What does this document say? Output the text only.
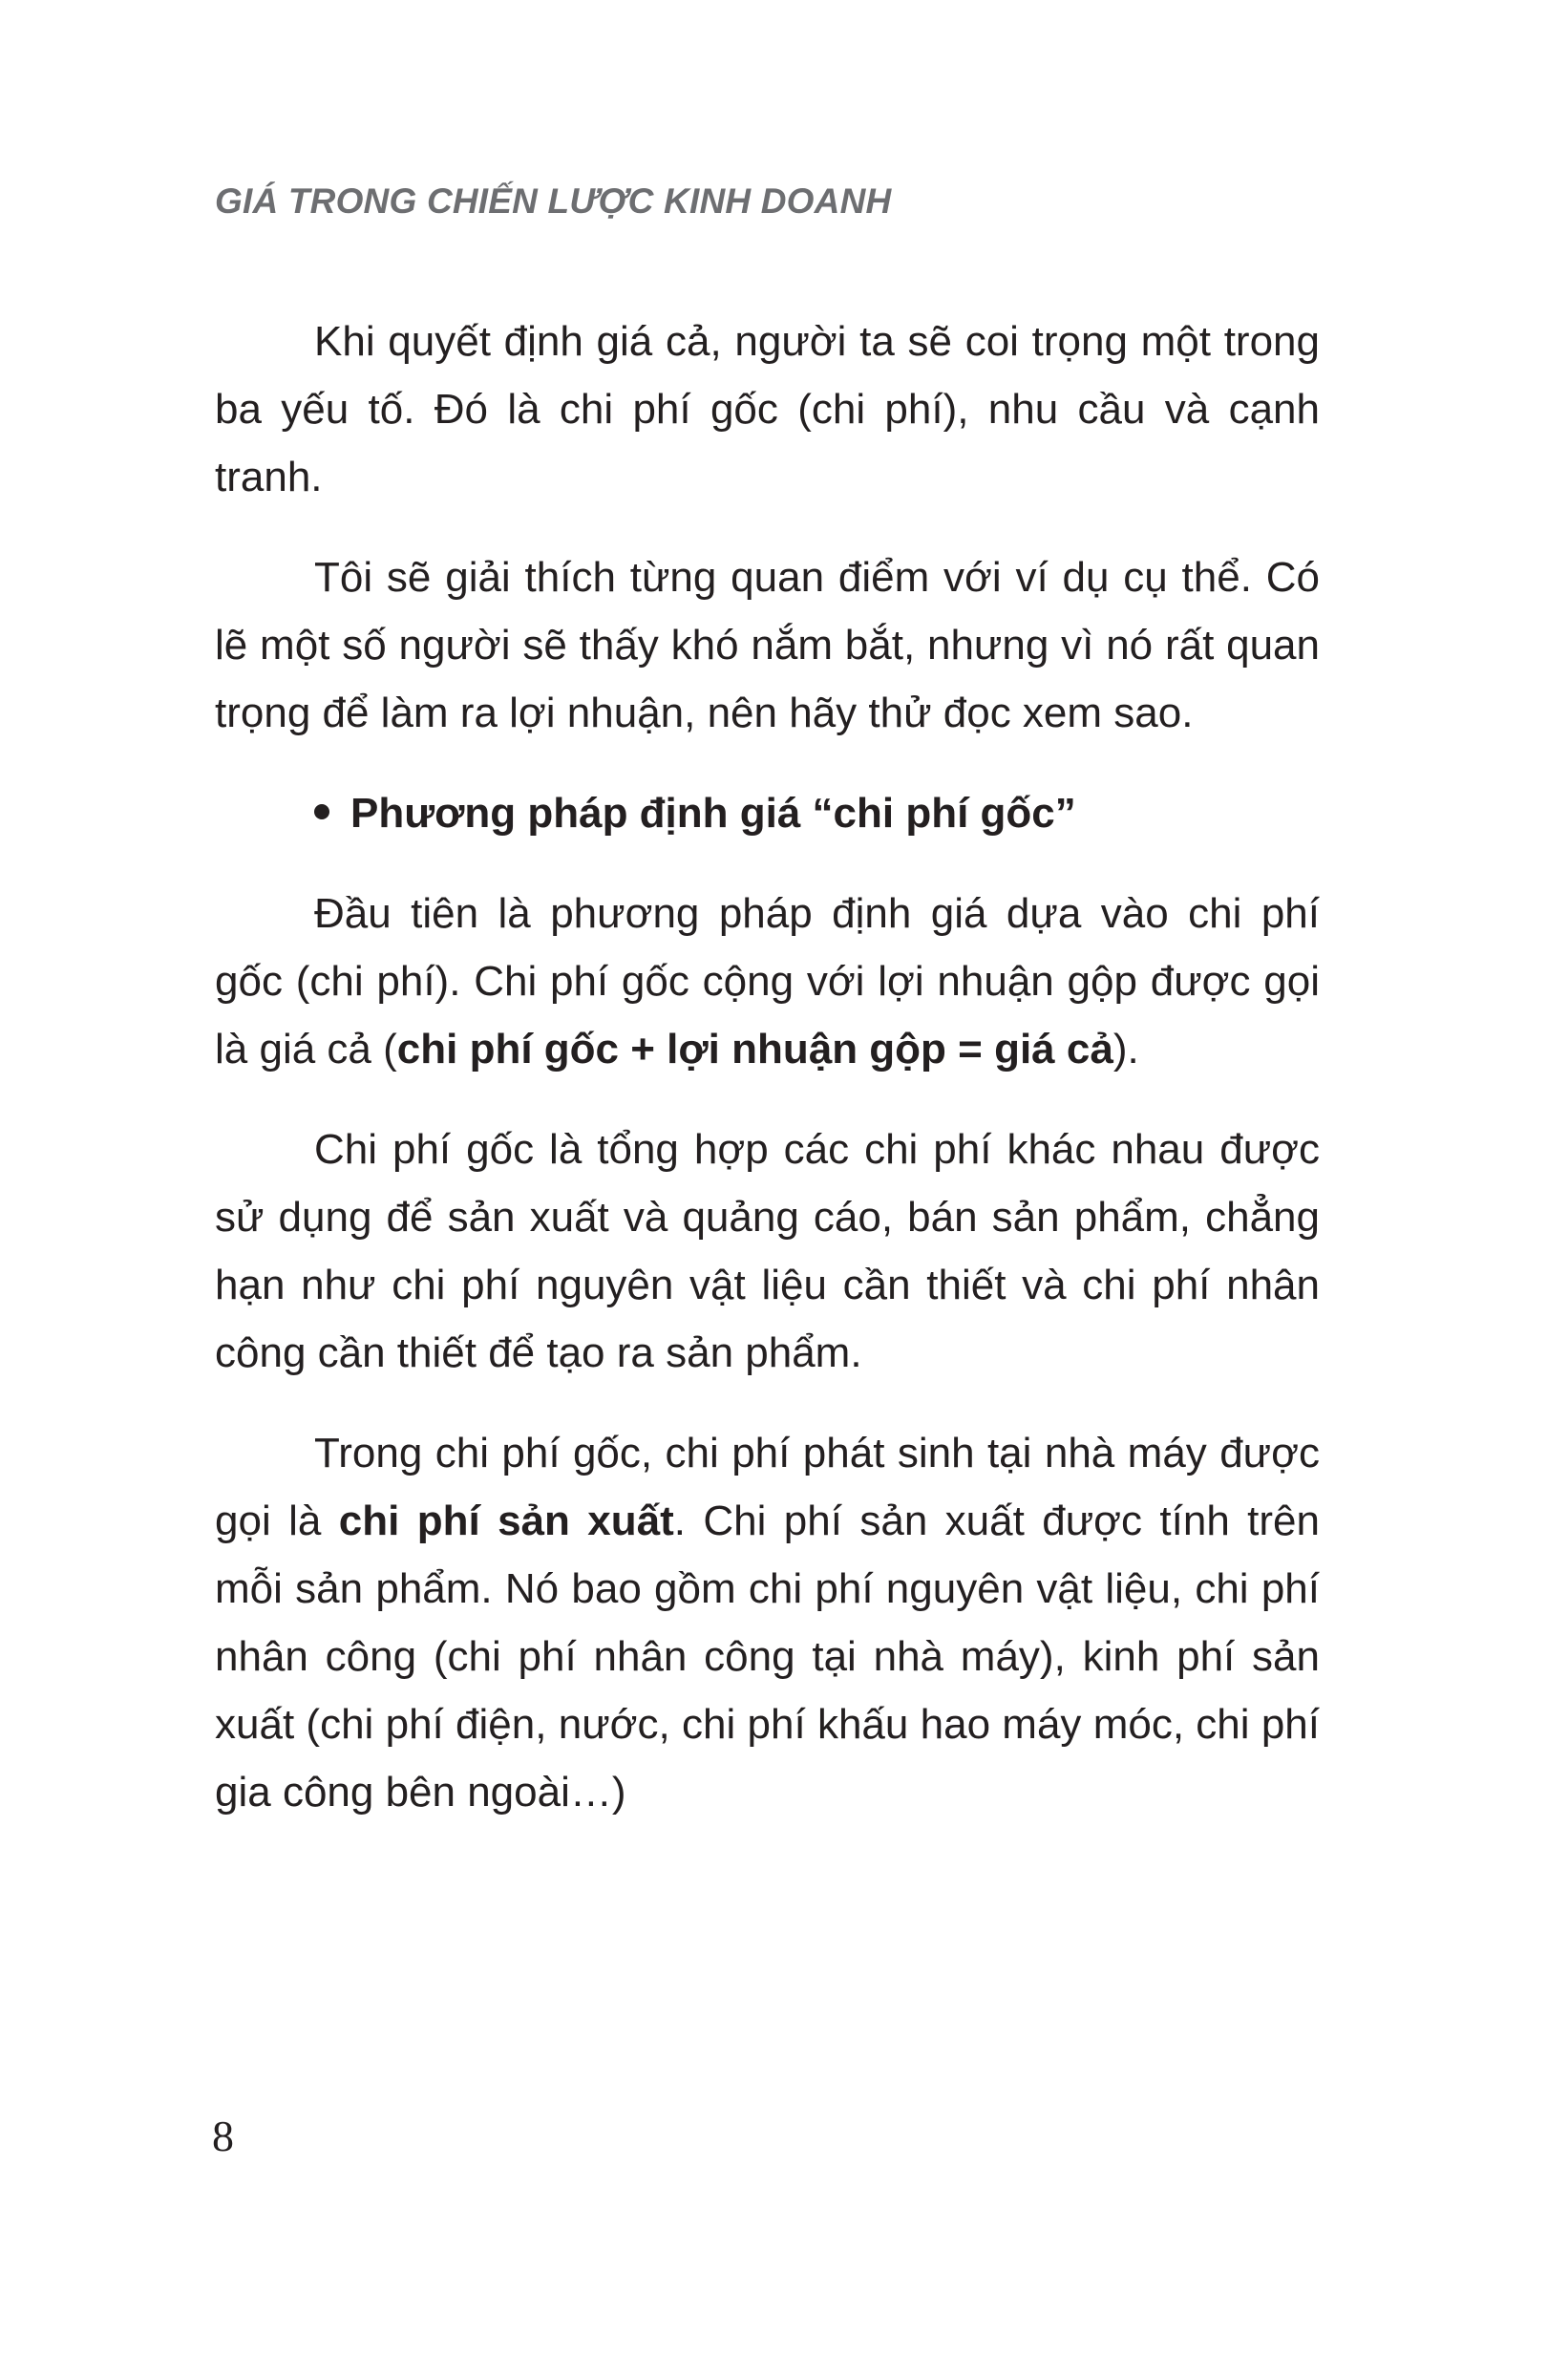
GIÁ TRONG CHIẾN LƯỢC KINH DOANH

Khi quyết định giá cả, người ta sẽ coi trọng một trong ba yếu tố. Đó là chi phí gốc (chi phí), nhu cầu và cạnh tranh.

Tôi sẽ giải thích từng quan điểm với ví dụ cụ thể. Có lẽ một số người sẽ thấy khó nắm bắt, nhưng vì nó rất quan trọng để làm ra lợi nhuận, nên hãy thử đọc xem sao.

Phương pháp định giá “chi phí gốc”

Đầu tiên là phương pháp định giá dựa vào chi phí gốc (chi phí). Chi phí gốc cộng với lợi nhuận gộp được gọi là giá cả (chi phí gốc + lợi nhuận gộp = giá cả).

Chi phí gốc là tổng hợp các chi phí khác nhau được sử dụng để sản xuất và quảng cáo, bán sản phẩm, chẳng hạn như chi phí nguyên vật liệu cần thiết và chi phí nhân công cần thiết để tạo ra sản phẩm.

Trong chi phí gốc, chi phí phát sinh tại nhà máy được gọi là chi phí sản xuất. Chi phí sản xuất được tính trên mỗi sản phẩm. Nó bao gồm chi phí nguyên vật liệu, chi phí nhân công (chi phí nhân công tại nhà máy), kinh phí sản xuất (chi phí điện, nước, chi phí khấu hao máy móc, chi phí gia công bên ngoài…)

8
